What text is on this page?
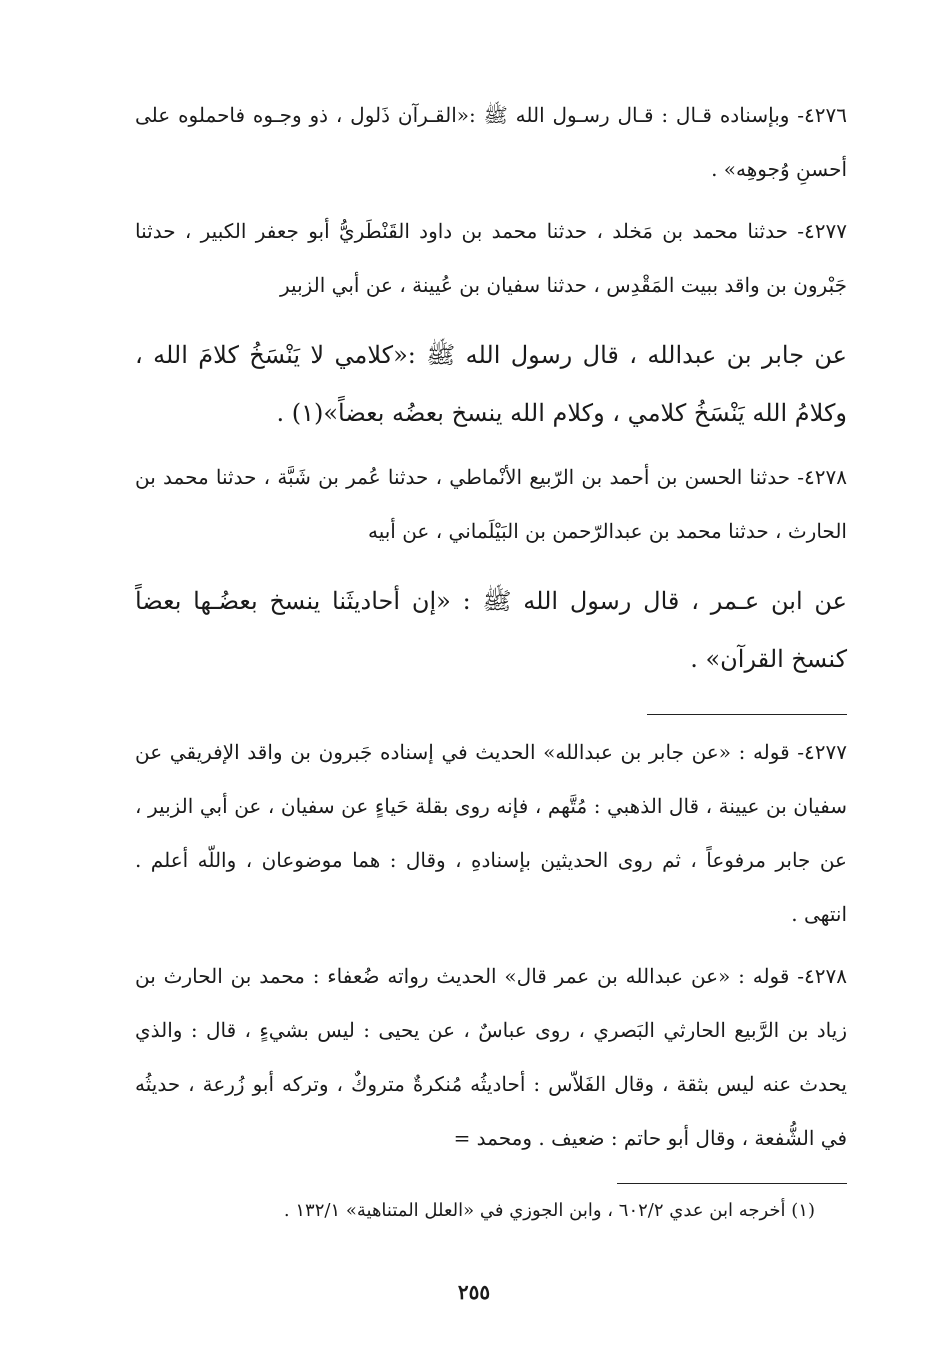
٤٢٧٦- وبإسناده قـال : قـال رسـول الله ﷺ :«القـرآن ذَلول ، ذو وجـوه فاحملوه على أحسنِ وُجوهِه» .

٤٢٧٧- حدثنا محمد بن مَخلد ، حدثنا محمد بن داود القَنْطَريُّ أبو جعفر الكبير ، حدثنا جَبْرون بن واقد ببيت المَقْدِس ، حدثنا سفيان بن عُيينة ، عن أبي الزبير

عن جابر بن عبدالله ، قال رسول الله ﷺ :«كلامي لا يَنْسَخُ كلامَ الله ، وكلامُ الله يَنْسَخُ كلامي ، وكلام الله ينسخ بعضُه بعضاً»(١) .

٤٢٧٨- حدثنا الحسن بن أحمد بن الرّبيع الأنْماطي ، حدثنا عُمر بن شَبَّة ، حدثنا محمد بن الحارث ، حدثنا محمد بن عبدالرّحمن بن البَيْلَماني ، عن أبيه

عن ابن عـمر ، قال رسول الله ﷺ : «إن أحاديثَنا ينسخ بعضُـها بعضاً كنسخ القرآن» .

٤٢٧٧- قوله : «عن جابر بن عبدالله» الحديث في إسناده جَبرون بن واقد الإفريقي عن سفيان بن عيينة ، قال الذهبي : مُتَّهم ، فإنه روى بقلة حَياءٍ عن سفيان ، عن أبي الزبير ، عن جابر مرفوعاً ، ثم روى الحديثين بإسنادهِ ، وقال : هما موضوعان ، واللّه أعلم . انتهى .

٤٢٧٨- قوله : «عن عبدالله بن عمر قال» الحديث رواته ضُعفاء : محمد بن الحارث بن زياد بن الرَّبيع الحارثي البَصري ، روى عباسٌ ، عن يحيى : ليس بشيءٍ ، قال : والذي يحدث عنه ليس بثقة ، وقال الفَلاّس : أحاديثُه مُنكرةٌ متروكٌ ، وترکه أبو زُرعة ، حديثُه في الشُّفعة ، وقال أبو حاتم : ضعيف . ومحمد =

(١) أخرجه ابن عدي ٦٠٢/٢ ، وابن الجوزي في «العلل المتناهية» ١٣٢/١ .

٢٥٥
